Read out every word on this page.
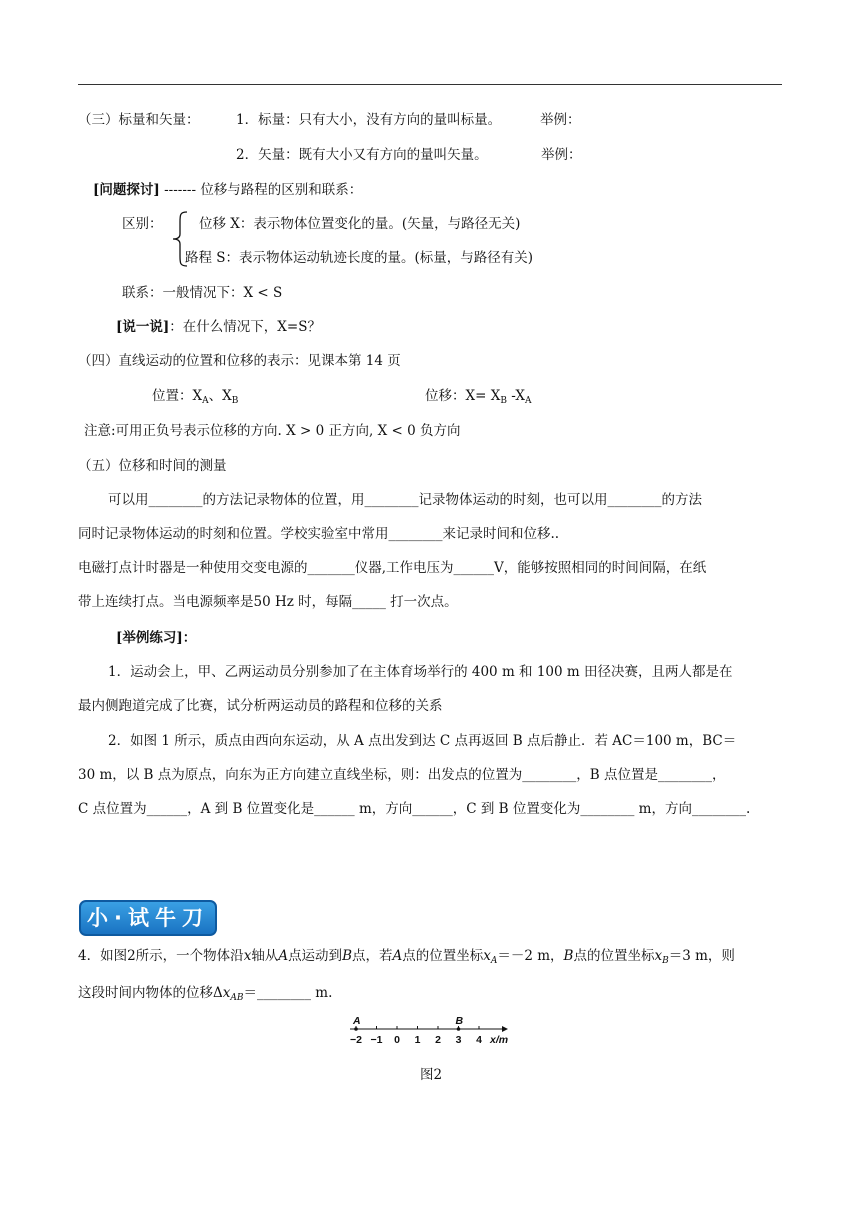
（三）标量和矢量：	1．标量：只有大小，没有方向的量叫标量。	举例：
2．矢量：既有大小又有方向的量叫矢量。	举例：
[问题探讨] ------- 位移与路程的区别和联系：
区别：	位移 X：表示物体位置变化的量。(矢量，与路径无关)
路程 S：表示物体运动轨迹长度的量。(标量，与路径有关)
联系：一般情况下：X < S
[说一说]：在什么情况下，X=S？
（四）直线运动的位置和位移的表示：见课本第 14 页
位置：$X_A$、$X_B$	位移：$X= X_B$ $-X_A$
注意:可用正负号表示位移的方向. X > 0 正方向, X < 0 负方向
（五）位移和时间的测量
可以用________的方法记录物体的位置，用________记录物体运动的时刻，也可以用________的方法
同时记录物体运动的时刻和位置。学校实验室中常用________来记录时间和位移..
电磁打点计时器是一种使用交变电源的_______仪器,工作电压为______V，能够按照相同的时间间隔，在纸
带上连续打点。当电源频率是50 Hz 时，每隔_____ 打一次点。
[举例练习]：
1．运动会上，甲、乙两运动员分别参加了在主体育场举行的 400 m 和 100 m 田径决赛，且两人都是在
最内侧跑道完成了比赛，试分析两运动员的路程和位移的关系
2．如图 1 所示，质点由西向东运动，从 A 点出发到达 C 点再返回 B 点后静止．若 AC＝100 m，BC＝
30 m，以 B 点为原点，向东为正方向建立直线坐标，则：出发点的位置为________，B 点位置是________，
C 点位置为______，A 到 B 位置变化是______ m，方向______，C 到 B 位置变化为________ m，方向________.
小·试牛刀
4．如图2所示，一个物体沿x轴从A点运动到B点，若A点的位置坐标$x_A=-2$ m，B点的位置坐标$x_B=3$ m，则
这段时间内物体的位移$\Delta x_{AB}=\_\_\_\_\_\_\_\_$ m.
−2 −1 0 1 2 3 4
A	B
x/m
图2
